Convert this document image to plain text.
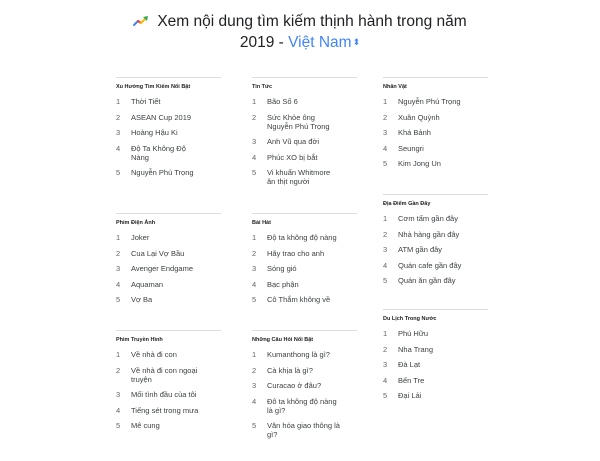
Xem nội dung tìm kiếm thịnh hành trong năm
2019 - Việt Nam⬍
Xu Hướng Tìm Kiếm Nổi Bật
1	Thời Tiết
2	ASEAN Cup 2019
3	Hoàng Hậu Ki
4	Độ Ta Không Độ Nàng
5	Nguyễn Phú Trọng
Phim Điện Ảnh
1	Joker
2	Cua Lại Vợ Bầu
3	Avenger Endgame
4	Aquaman
5	Vợ Ba
Phim Truyền Hình
1	Về nhà đi con
2	Về nhà đi con ngoại truyện
3	Mối tình đầu của tôi
4	Tiếng sét trong mưa
5	Mê cung
Tin Tức
1	Bão Số 6
2	Sức Khỏe ông Nguyễn Phú Trọng
3	Anh Vũ qua đời
4	Phúc XO bị bắt
5	Vi khuẩn Whitmore ăn thịt người
Bài Hát
1	Độ ta không độ nàng
2	Hãy trao cho anh
3	Sóng gió
4	Bạc phận
5	Cô Thắm không về
Những Câu Hỏi Nổi Bật
1	Kumanthong là gì?
2	Cà khịa là gì?
3	Curacao ở đâu?
4	Đô ta không độ nàng là gì?
5	Văn hóa giao thông là gì?
Nhân Vật
1	Nguyễn Phú Trọng
2	Xuân Quỳnh
3	Khá Bảnh
4	Seungri
5	Kim Jong Un
Địa Điểm Gần Đây
1	Cơm tấm gần đây
2	Nhà hàng gần đây
3	ATM gần đây
4	Quán cafe gần đây
5	Quán ăn gần đây
Du Lịch Trong Nước
1	Phú Hữu
2	Nha Trang
3	Đà Lạt
4	Bến Tre
5	Đại Lải
